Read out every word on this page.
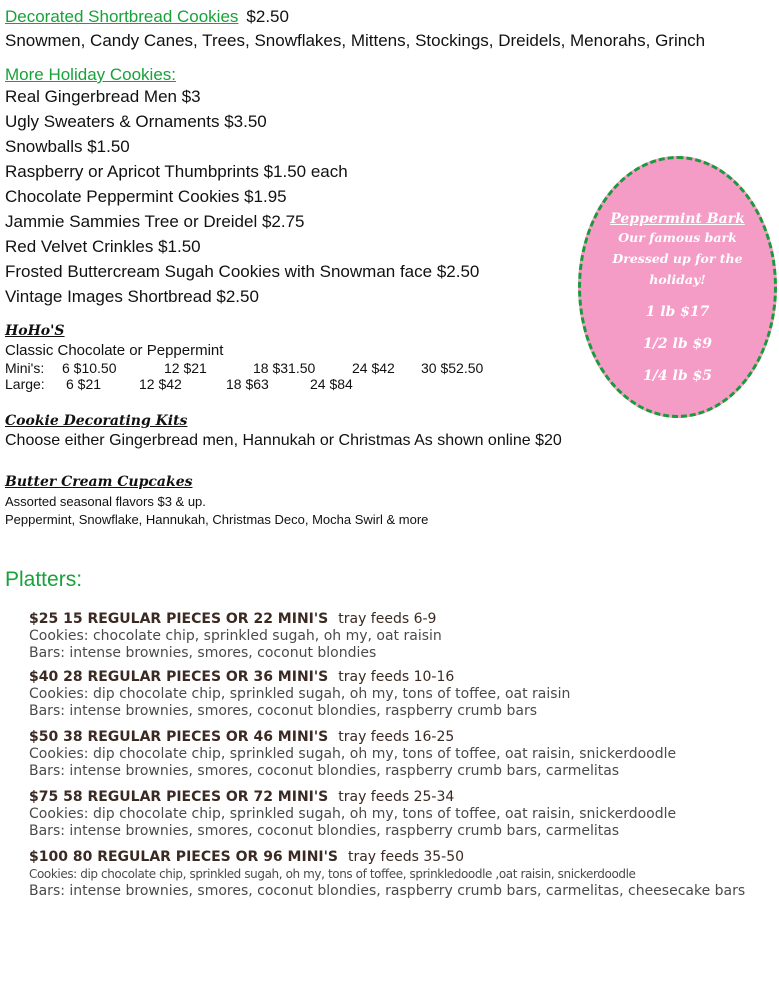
Decorated Shortbread Cookies $2.50
Snowmen, Candy Canes, Trees, Snowflakes, Mittens, Stockings, Dreidels, Menorahs, Grinch
More Holiday Cookies:
Real Gingerbread Men $3
Ugly Sweaters & Ornaments $3.50
Snowballs $1.50
Raspberry or Apricot Thumbprints $1.50 each
Chocolate Peppermint Cookies $1.95
Jammie Sammies Tree or Dreidel $2.75
Red Velvet Crinkles $1.50
Frosted Buttercream Sugah Cookies with Snowman face $2.50
Vintage Images Shortbread $2.50
HoHo'S
Classic Chocolate or Peppermint
Mini's: 6 $10.50	12 $21	18 $31.50	24 $42 30 $52.50
Large: 6 $21	12 $42	18 $63	24 $84
Cookie Decorating Kits
Choose either Gingerbread men, Hannukah or Christmas As shown online $20
Butter Cream Cupcakes
Assorted seasonal flavors $3 & up.
Peppermint, Snowflake, Hannukah, Christmas Deco, Mocha Swirl & more
Peppermint Bark
Our famous bark
Dressed up for the
holiday!
1 lb $17
1/2 lb $9
1/4 lb $5
Platters:
$25 15 REGULAR PIECES OR 22 MINI'S tray feeds 6-9
Cookies: chocolate chip, sprinkled sugah, oh my, oat raisin
Bars: intense brownies, smores, coconut blondies
$40 28 REGULAR PIECES OR 36 MINI'S tray feeds 10-16
Cookies: dip chocolate chip, sprinkled sugah, oh my, tons of toffee, oat raisin
Bars: intense brownies, smores, coconut blondies, raspberry crumb bars
$50 38 REGULAR PIECES OR 46 MINI'S tray feeds 16-25
Cookies: dip chocolate chip, sprinkled sugah, oh my, tons of toffee, oat raisin, snickerdoodle
Bars: intense brownies, smores, coconut blondies, raspberry crumb bars, carmelitas
$75 58 REGULAR PIECES OR 72 MINI'S tray feeds 25-34
Cookies: dip chocolate chip, sprinkled sugah, oh my, tons of toffee, oat raisin, snickerdoodle
Bars: intense brownies, smores, coconut blondies, raspberry crumb bars, carmelitas
$100 80 REGULAR PIECES OR 96 MINI'S tray feeds 35-50
Cookies: dip chocolate chip, sprinkled sugah, oh my, tons of toffee, sprinkledoodle ,oat raisin, snickerdoodle
Bars: intense brownies, smores, coconut blondies, raspberry crumb bars, carmelitas, cheesecake bars
